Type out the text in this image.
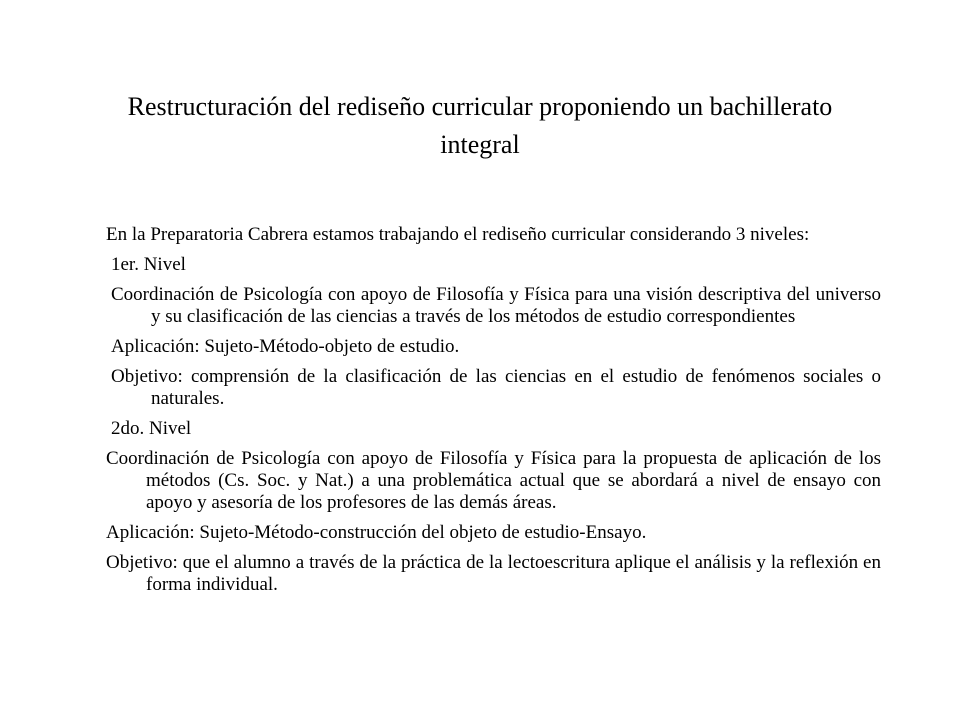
Restructuración del rediseño curricular proponiendo un bachillerato integral
En la Preparatoria Cabrera estamos trabajando el rediseño curricular considerando 3 niveles:
1er. Nivel
Coordinación de Psicología con apoyo de Filosofía y Física para una visión descriptiva del universo y su clasificación de las ciencias a través de los métodos de estudio correspondientes
Aplicación: Sujeto-Método-objeto de estudio.
Objetivo: comprensión de la clasificación de las ciencias en el estudio de fenómenos sociales o naturales.
2do. Nivel
Coordinación de Psicología con apoyo de Filosofía y Física para la propuesta de aplicación de los métodos (Cs. Soc. y Nat.) a una problemática actual que se abordará a nivel de ensayo con apoyo y asesoría de los profesores de las demás áreas.
Aplicación: Sujeto-Método-construcción del objeto de estudio-Ensayo.
Objetivo: que el alumno a través de la práctica de la lectoescritura aplique el análisis y la reflexión en forma individual.
